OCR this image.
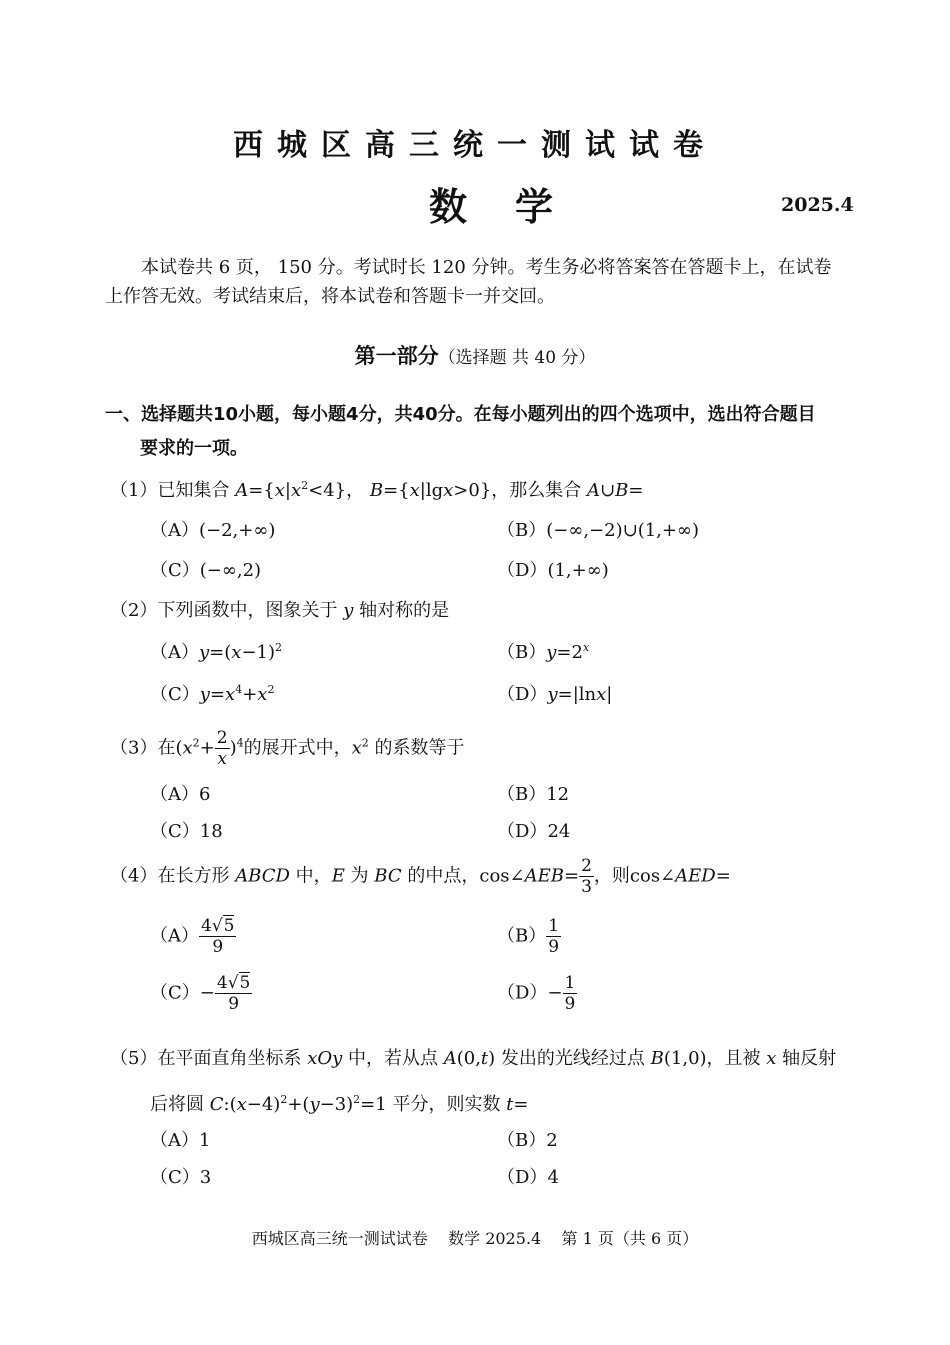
西城区高三统一测试试卷
数学	2025.4
本试卷共 6 页， 150 分。考试时长 120 分钟。考生务必将答案答在答题卡上，在试卷上作答无效。考试结束后，将本试卷和答题卡一并交回。
第一部分（选择题 共 40 分）
一、选择题共10小题，每小题4分，共40分。在每小题列出的四个选项中，选出符合题目
要求的一项。
（1）已知集合 $A=\{x|x^2<4\}$， B={x|lgx>0}，那么集合 A∪B=
（A）(−2,+∞)	（B）(−∞,−2)∪(1,+∞)
（C）(−∞,2)	（D）(1,+∞)
（2）下列函数中，图象关于 y 轴对称的是
$(A)y=(x-1)^2$	$(B)y=2^x$
$(C)y=x^4+x^2$	（D）y=|lnx|
（3）在$(x^2+ \frac{2}{x} )^4$的展开式中，$x^2$ 的系数等于
（A）6	（B）12
（C）18	（D）24
（4）在长方形 ABCD 中，E 为 BC 的中点，cos∠AEB= $\frac{2}{3}$ ，则cos∠AED=
$(A) \frac{4√5}{9}$	$(B) \frac{1}{9}$
$(C)- \frac{4√5}{9}$	$(D)- \frac{1}{9}$
（5）在平面直角坐标系 xOy 中，若从点 A(0,t) 发出的光线经过点 B(1,0)，且被 x 轴反射
后将圆 $C:(x-4)^2+(y-3)^2=1$ 平分，则实数 t=
（A）1	（B）2
（C）3	（D）4
西城区高三统一测试试卷    数学 2025.4    第 1 页（共 6 页）
